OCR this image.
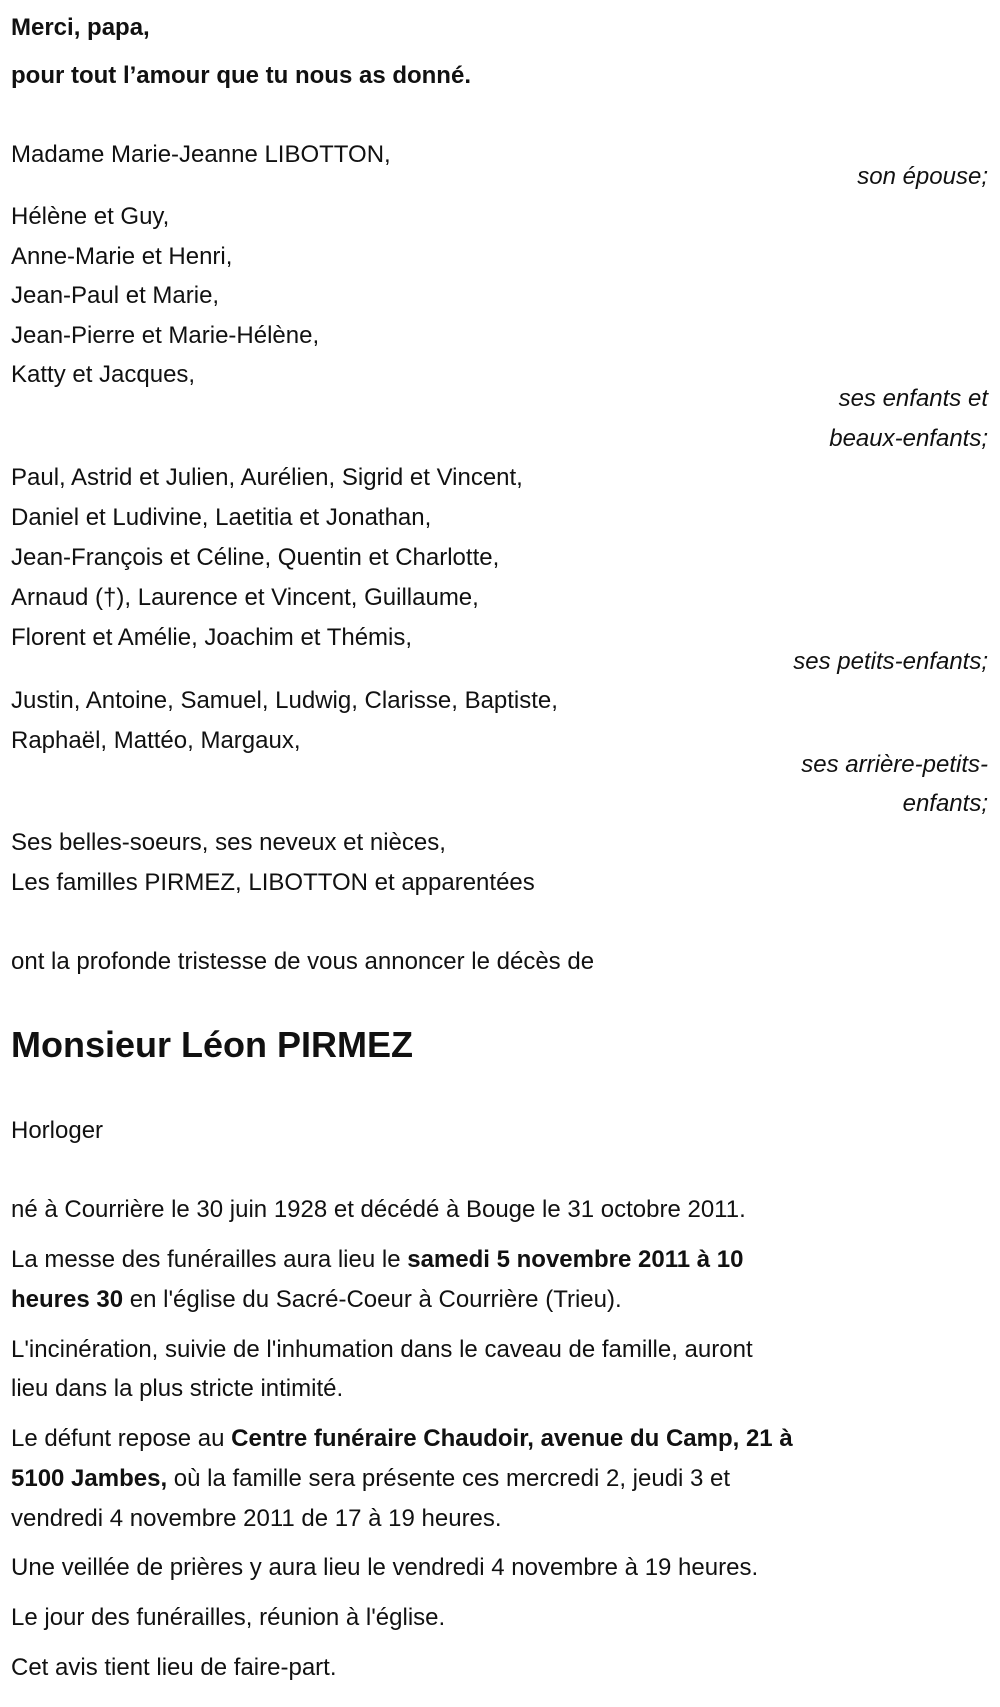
Merci, papa,
pour tout l’amour que tu nous as donné.
Madame Marie-Jeanne LIBOTTON,
son épouse;
Hélène et Guy,
Anne-Marie et Henri,
Jean-Paul et Marie,
Jean-Pierre et Marie-Hélène,
Katty et Jacques,
ses enfants et
beaux-enfants;
Paul, Astrid et Julien, Aurélien, Sigrid et Vincent,
Daniel et Ludivine, Laetitia et Jonathan,
Jean-François et Céline, Quentin et Charlotte,
Arnaud (†), Laurence et Vincent, Guillaume,
Florent et Amélie, Joachim et Thémis,
ses petits-enfants;
Justin, Antoine, Samuel, Ludwig, Clarisse, Baptiste,
Raphaël, Mattéo, Margaux,
ses arrière-petits-
enfants;
Ses belles-soeurs, ses neveux et nièces,
Les familles PIRMEZ, LIBOTTON et apparentées
ont la profonde tristesse de vous annoncer le décès de
Monsieur Léon PIRMEZ
Horloger
né à Courrière le 30 juin 1928 et décédé à Bouge le 31 octobre 2011.
La messe des funérailles aura lieu le samedi 5 novembre 2011 à 10
heures 30 en l'église du Sacré-Coeur à Courrière (Trieu).
L'incinération, suivie de l'inhumation dans le caveau de famille, auront
lieu dans la plus stricte intimité.
Le défunt repose au Centre funéraire Chaudoir, avenue du Camp, 21 à
5100 Jambes, où la famille sera présente ces mercredi 2, jeudi 3 et
vendredi 4 novembre 2011 de 17 à 19 heures.
Une veillée de prières y aura lieu le vendredi 4 novembre à 19 heures.
Le jour des funérailles, réunion à l'église.
Cet avis tient lieu de faire-part.
